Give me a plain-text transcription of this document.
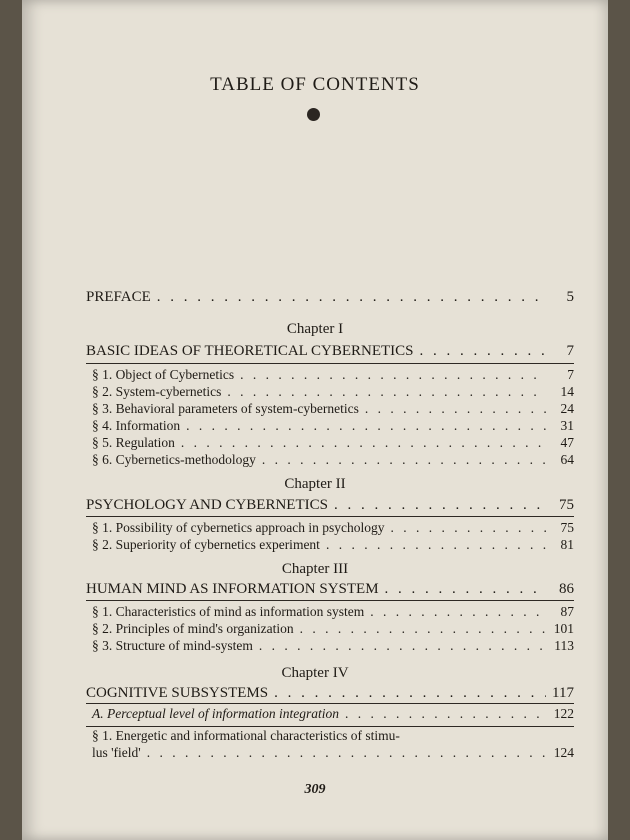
TABLE OF CONTENTS
PREFACE . . .	5
Chapter I
BASIC IDEAS OF THEORETICAL CYBERNETICS . . .	7
§ 1. Object of Cybernetics . . .	7
§ 2. System-cybernetics . . .	14
§ 3. Behavioral parameters of system-cybernetics . . .	24
§ 4. Information . . .	31
§ 5. Regulation . . .	47
§ 6. Cybernetics-methodology . . .	64
Chapter II
PSYCHOLOGY AND CYBERNETICS . . .	75
§ 1. Possibility of cybernetics approach in psychology . . .	75
§ 2. Superiority of cybernetics experiment . . .	81
Chapter III
HUMAN MIND AS INFORMATION SYSTEM . . .	86
§ 1. Characteristics of mind as information system . . .	87
§ 2. Principles of mind's organization . . .	101
§ 3. Structure of mind-system . . .	113
Chapter IV
COGNITIVE SUBSYSTEMS . . .	117
A. Perceptual level of information integration . . .	122
§ 1. Energetic and informational characteristics of stimu-
lus 'field' . . .	124
309
